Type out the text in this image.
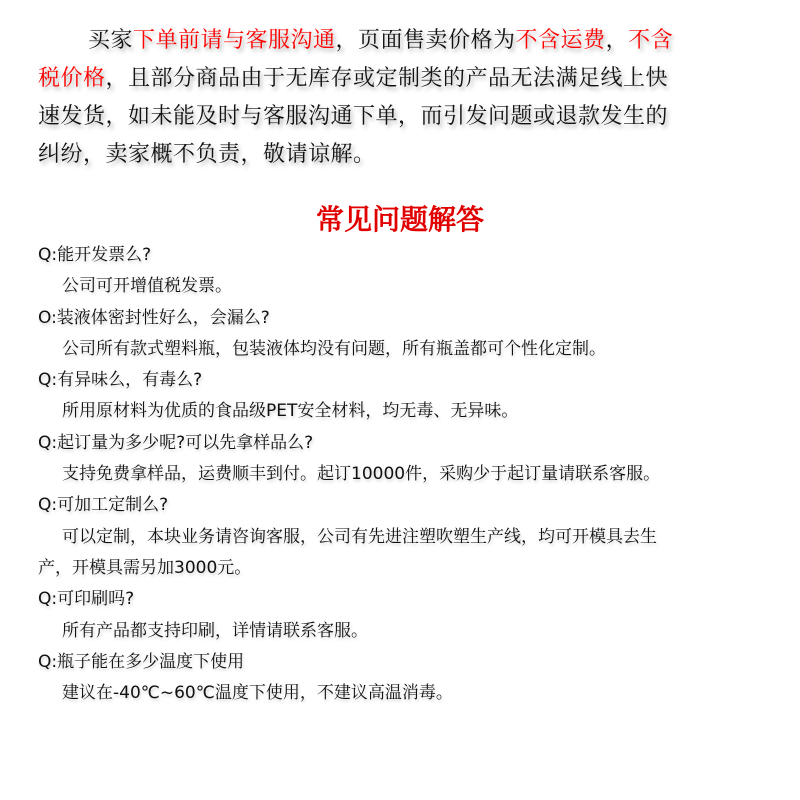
买家下单前请与客服沟通，页面售卖价格为不含运费，不含
税价格，且部分商品由于无库存或定制类的产品无法满足线上快
速发货，如未能及时与客服沟通下单，而引发问题或退款发生的
纠纷，卖家概不负责，敬请谅解。
常见问题解答
Q:能开发票么?
公司可开增值税发票。
O:装液体密封性好么，会漏么?
公司所有款式塑料瓶，包装液体均没有问题，所有瓶盖都可个性化定制。
Q:有异味么，有毒么?
所用原材料为优质的食品级PET安全材料，均无毒、无异味。
Q:起订量为多少呢?可以先拿样品么?
支持免费拿样品，运费顺丰到付。起订10000件，采购少于起订量请联系客服。
Q:可加工定制么?
可以定制，本块业务请咨询客服，公司有先进注塑吹塑生产线，均可开模具去生
产，开模具需另加3000元。
Q:可印刷吗?
所有产品都支持印刷，详情请联系客服。
Q:瓶子能在多少温度下使用
建议在-40℃~60℃温度下使用，不建议高温消毒。
